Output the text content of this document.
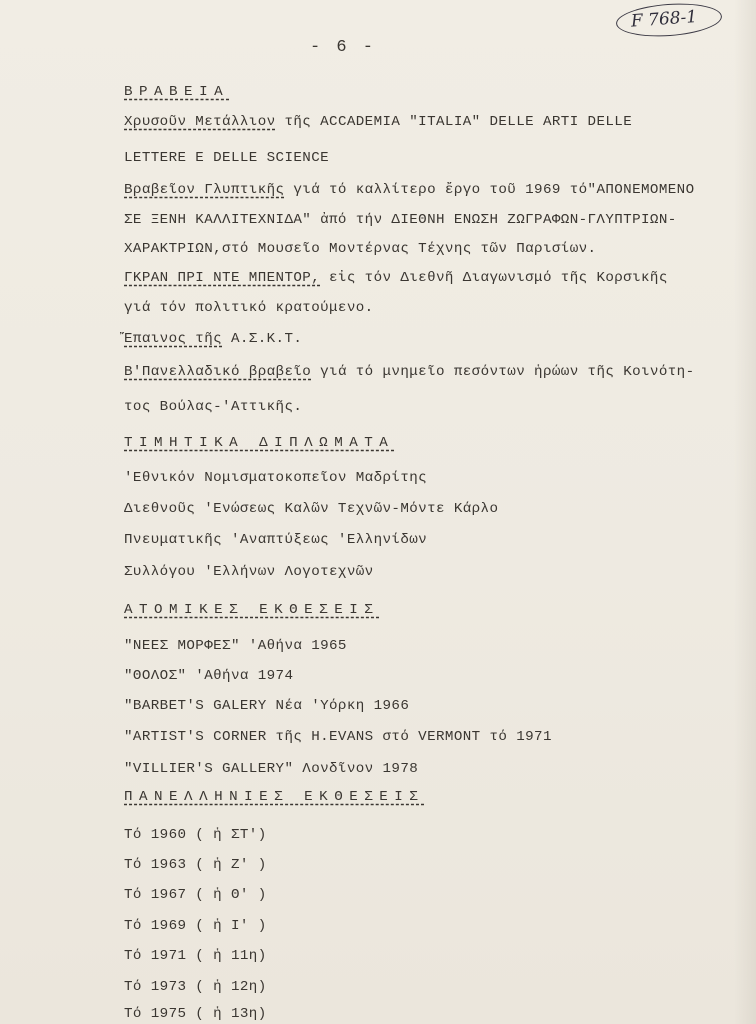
F 768-1
- 6 -
ΒΡΑΒΕΙΑ
Χρυσοῦν Μετάλλιον τῆς ACCADEMIA "ITALIA" DELLE ARTI DELLE
LETTERE E DELLE SCIENCE
Βραβεῖον Γλυπτικῆς γιά τό καλλίτερο ἔργο τοῦ 1969 τό"ΑΠΟΝΕΜΟΜΕΝΟ
ΣΕ ΞΕΝΗ ΚΑΛΛΙΤΕΧΝΙΔΑ" ἀπό τήν ΔΙΕΘΝΗ ΕΝΩΣΗ ΖΩΓΡΑΦΩΝ-ΓΛΥΠΤΡΙΩΝ-
ΧΑΡΑΚΤΡΙΩΝ,στό Μουσεῖο Μοντέρνας Τέχνης τῶν Παρισίων.
ΓΚΡΑΝ ΠΡΙ ΝΤΕ ΜΠΕΝΤΟΡ, εἰς τόν Διεθνῆ Διαγωνισμό τῆς Κορσικῆς
γιά τόν πολιτικό κρατούμενο.
Ἔπαινος τῆς Α.Σ.Κ.Τ.
Β'Πανελλαδικό βραβεῖο γιά τό μνημεῖο πεσόντων ἡρώων τῆς Κοινότη-
τος Βούλας-'Αττικῆς.
ΤΙΜΗΤΙΚΑ ΔΙΠΛΩΜΑΤΑ
'Εθνικόν Νομισματοκοπεῖον Μαδρίτης
Διεθνοῦς 'Ενώσεως Καλῶν Τεχνῶν-Μόντε Κάρλο
Πνευματικῆς 'Αναπτύξεως 'Ελληνίδων
Συλλόγου 'Ελλήνων Λογοτεχνῶν
ΑΤΟΜΙΚΕΣ ΕΚΘΕΣΕΙΣ
"ΝΕΕΣ ΜΟΡΦΕΣ" 'Αθήνα 1965
"ΘΟΛΟΣ" 'Αθήνα 1974
"BARBET'S GALERY Νέα 'Υόρκη 1966
"ARTIST'S CORNER τῆς H.EVANS στό VERMONT τό 1971
"VILLIER'S GALLERY" Λονδῖνον 1978
ΠΑΝΕΛΛΗΝΙΕΣ ΕΚΘΕΣΕΙΣ
Τό 1960 ( ἡ ΣΤ')
Τό 1963 ( ἡ Ζ' )
Τό 1967 ( ἡ Θ' )
Τό 1969 ( ἡ Ι' )
Τό 1971 ( ἡ 11η)
Τό 1973 ( ἡ 12η)
Τό 1975 ( ἡ 13η)
